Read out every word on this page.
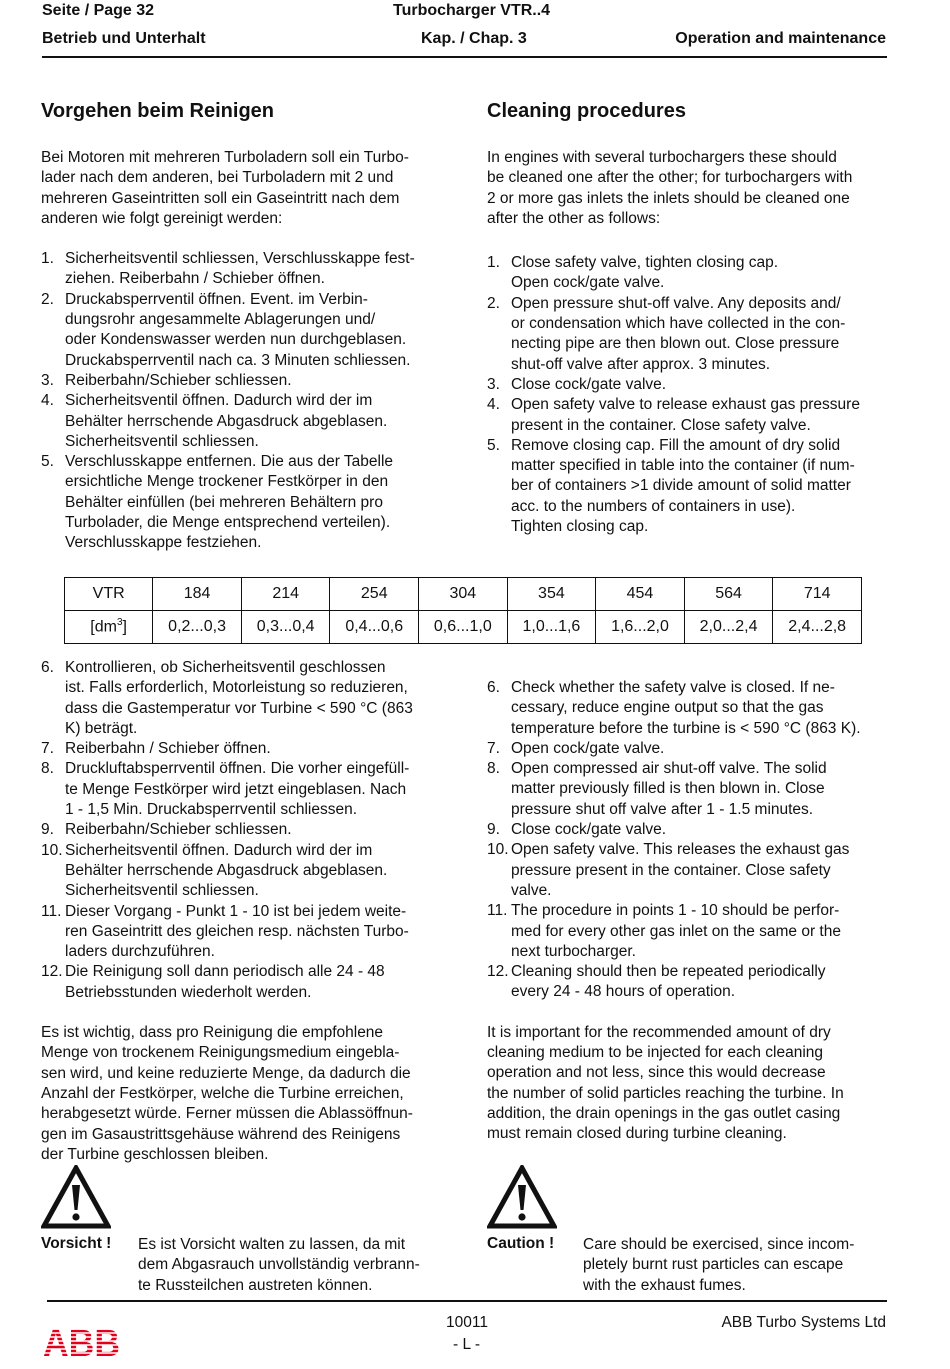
Seite / Page 32	Turbocharger VTR..4
Betrieb und Unterhalt	Kap. / Chap. 3	Operation and maintenance
Vorgehen beim Reinigen	Cleaning procedures

Bei Motoren mit mehreren Turboladern soll ein Turbo-
lader nach dem anderen, bei Turboladern mit 2 und
mehreren Gaseintritten soll ein Gaseintritt nach dem
anderen wie folgt gereinigt werden:

1. Sicherheitsventil schliessen, Verschlusskappe fest-
ziehen. Reiberbahn / Schieber öffnen.
2. Druckabsperrventil öffnen. Event. im Verbin-
dungsrohr angesammelte Ablagerungen und/
oder Kondenswasser werden nun durchgeblasen.
Druckabsperrventil nach ca. 3 Minuten schliessen.
3. Reiberbahn/Schieber schliessen.
4. Sicherheitsventil öffnen. Dadurch wird der im
Behälter herrschende Abgasdruck abgeblasen.
Sicherheitsventil schliessen.
5. Verschlusskappe entfernen. Die aus der Tabelle
ersichtliche Menge trockener Festkörper in den
Behälter einfüllen (bei mehreren Behältern pro
Turbolader, die Menge entsprechend verteilen).
Verschlusskappe festziehen.

In engines with several turbochargers these should
be cleaned one after the other; for turbochargers with
2 or more gas inlets the inlets should be cleaned one
after the other as follows:

1. Close safety valve, tighten closing cap.
Open cock/gate valve.
2. Open pressure shut-off valve. Any deposits and/
or condensation which have collected in the con-
necting pipe are then blown out. Close pressure
shut-off valve after approx. 3 minutes.
3. Close cock/gate valve.
4. Open safety valve to release exhaust gas pressure
present in the container. Close safety valve.
5. Remove closing cap. Fill the amount of dry solid
matter specified in table into the container (if num-
ber of containers >1 divide amount of solid matter
acc. to the numbers of containers in use).
Tighten closing cap.
VTR	184	214	254	304	354	454	564	714
$[dm^3]$	0,2...0,3	0,3...0,4	0,4...0,6	0,6...1,0	1,0...1,6	1,6...2,0	2,0...2,4	2,4...2,8
6. Kontrollieren, ob Sicherheitsventil geschlossen
ist. Falls erforderlich, Motorleistung so reduzieren,
dass die Gastemperatur vor Turbine < 590 °C (863
K) beträgt.
7. Reiberbahn / Schieber öffnen.
8. Druckluftabsperrventil öffnen. Die vorher eingefüll-
te Menge Festkörper wird jetzt eingeblasen. Nach
1 - 1,5 Min. Druckabsperrventil schliessen.
9. Reiberbahn/Schieber schliessen.
10. Sicherheitsventil öffnen. Dadurch wird der im
Behälter herrschende Abgasdruck abgeblasen.
Sicherheitsventil schliessen.
11. Dieser Vorgang - Punkt 1 - 10 ist bei jedem weite-
ren Gaseintritt des gleichen resp. nächsten Turbo-
laders durchzuführen.
12. Die Reinigung soll dann periodisch alle 24 - 48
Betriebsstunden wiederholt werden.

Es ist wichtig, dass pro Reinigung die empfohlene
Menge von trockenem Reinigungsmedium eingebla-
sen wird, und keine reduzierte Menge, da dadurch die
Anzahl der Festkörper, welche die Turbine erreichen,
herabgesetzt würde. Ferner müssen die Ablassöffnun-
gen im Gasaustrittsgehäuse während des Reinigens
der Turbine geschlossen bleiben.

6. Check whether the safety valve is closed. If ne-
cessary, reduce engine output so that the gas
temperature before the turbine is < 590 °C (863 K).
7. Open cock/gate valve.
8. Open compressed air shut-off valve. The solid
matter previously filled is then blown in. Close
pressure shut off valve after 1 - 1.5 minutes.
9. Close cock/gate valve.
10. Open safety valve. This releases the exhaust gas
pressure present in the container. Close safety
valve.
11. The procedure in points 1 - 10 should be perfor-
med for every other gas inlet on the same or the
next turbocharger.
12. Cleaning should then be repeated periodically
every 24 - 48 hours of operation.

It is important for the recommended amount of dry
cleaning medium to be injected for each cleaning
operation and not less, since this would decrease
the number of solid particles reaching the turbine. In
addition, the drain openings in the gas outlet casing
must remain closed during turbine cleaning.

Vorsicht ! Es ist Vorsicht walten zu lassen, da mit
dem Abgasrauch unvollständig verbrann-
te Russteilchen austreten können.
Caution ! Care should be exercised, since incom-
pletely burnt rust particles can escape
with the exhaust fumes.
10011
- L -
ABB Turbo Systems Ltd
